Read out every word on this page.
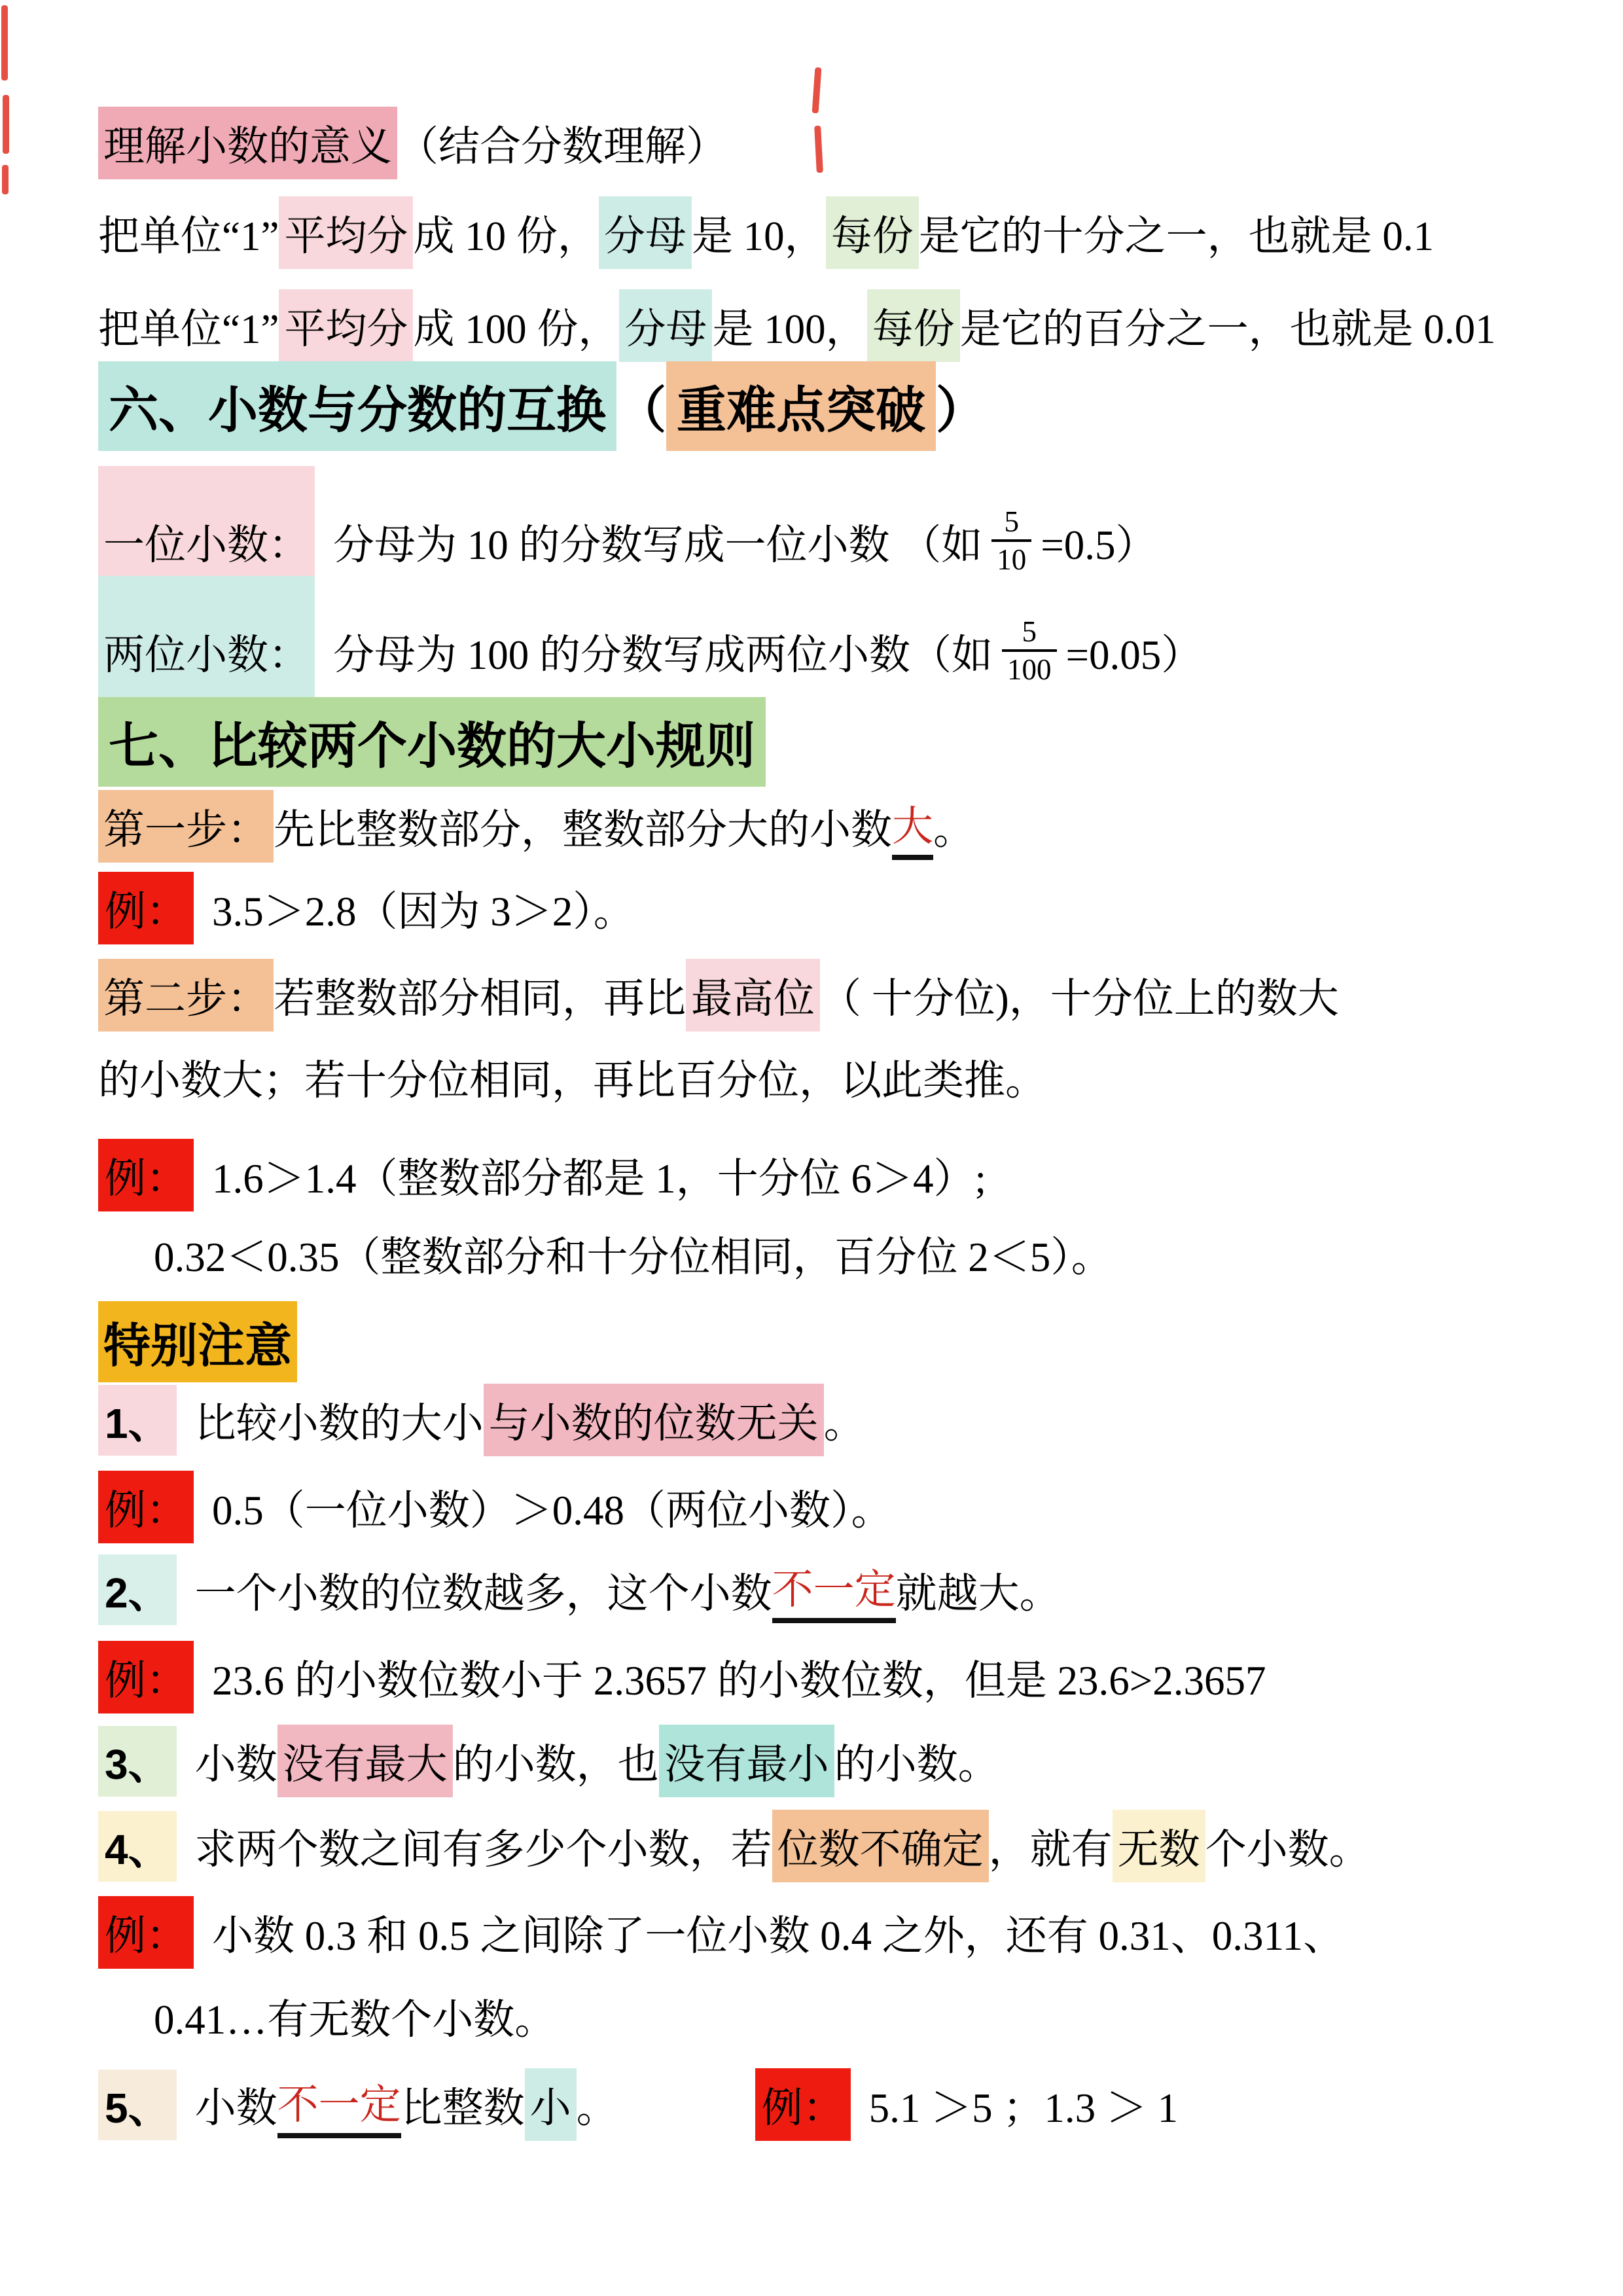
理解小数的意义 （结合分数理解）
把单位“1” 平均分 成 10 份， 分母 是 10， 每份 是它的十分之一，也就是 0.1
把单位“1” 平均分 成 100 份， 分母 是 100， 每份 是它的百分之一，也就是 0.01
六、小数与分数的互换 （ 重难点突破 ）
一位小数： 分母为 10 的分数写成一位小数 （如 $\frac{5}{10} =0.5$）
两位小数： 分母为 100 的分数写成两位小数（如 $\frac{5}{100} =0.05$）
七、比较两个小数的大小规则
第一步： 先比整数部分，整数部分大的小数 大 。
例： 3.5＞2.8（因为 3＞2）。
第二步： 若整数部分相同，再比 最高位 （ 十分位)，十分位上的数大
的小数大；若十分位相同，再比百分位，以此类推。
例： 1.6＞1.4（整数部分都是 1，十分位 6＞4）;
0.32＜0.35（整数部分和十分位相同，百分位 2＜5）。
特别注意
1、 比较小数的大小 与小数的位数无关 。
例： 0.5（一位小数）＞0.48（两位小数）。
2、 一个小数的位数越多，这个小数 不一定 就越大。
例： 23.6 的小数位数小于 2.3657 的小数位数，但是 23.6>2.3657
3、 小数 没有最大 的小数，也 没有最小 的小数。
4、 求两个数之间有多少个小数，若 位数不确定 ，就有 无数 个小数。
例： 小数 0.3 和 0.5 之间除了一位小数 0.4 之外，还有 0.31、0.311、
0.41…有无数个小数。
5、 小数 不一定 比整数 小 。	例： 5.1 ＞5 ；1.3 ＞ 1
